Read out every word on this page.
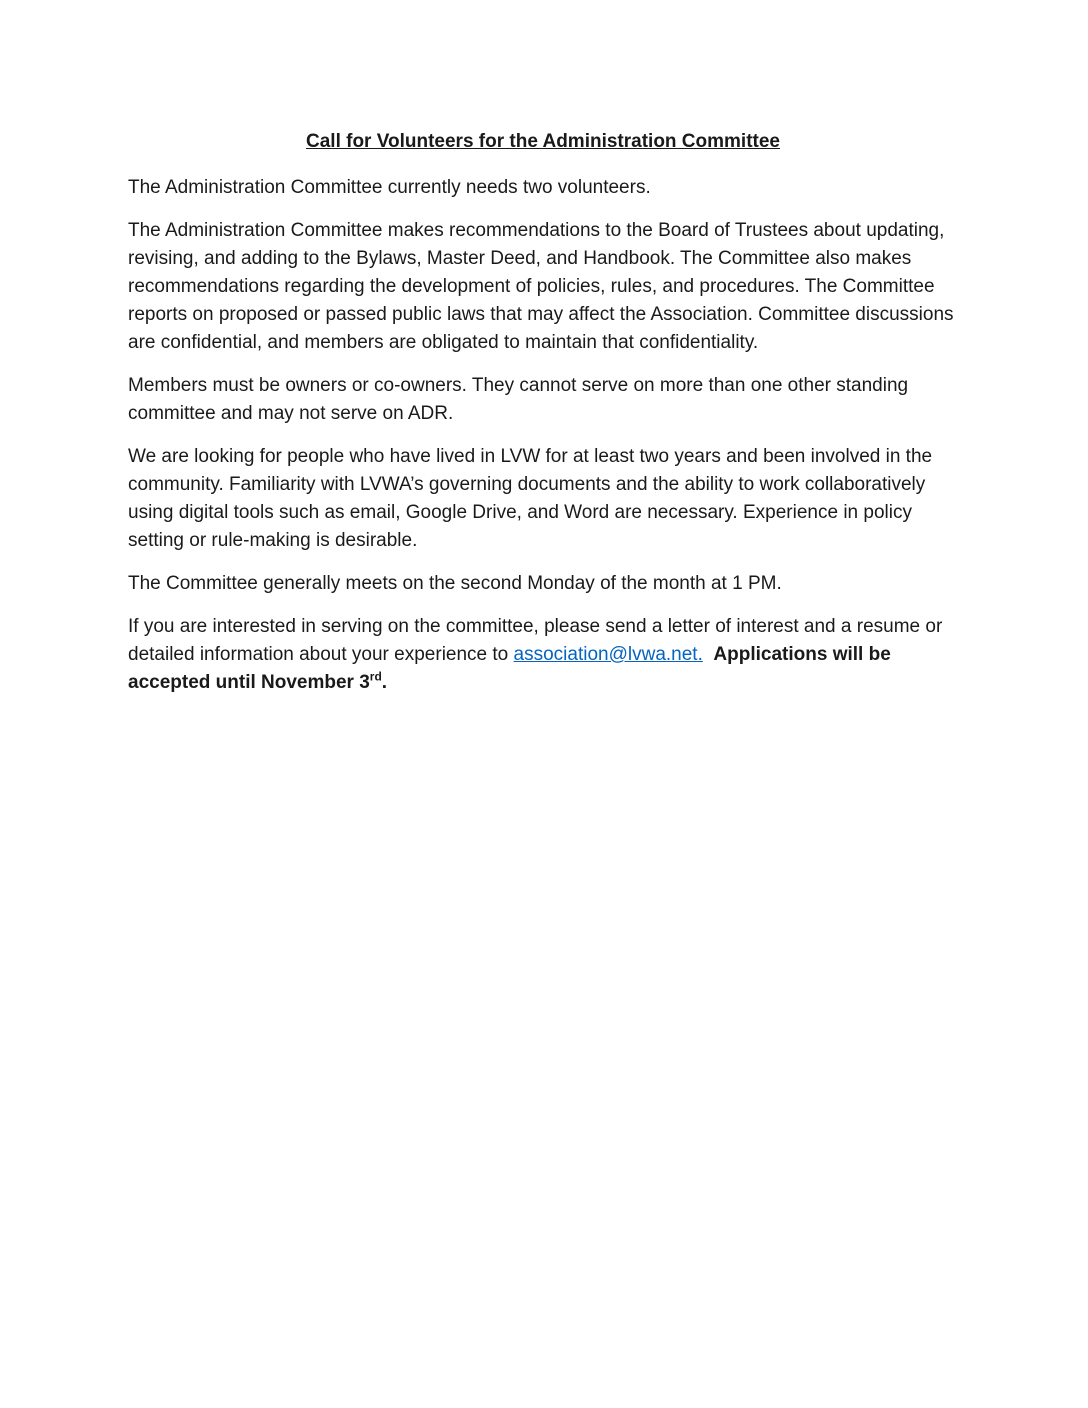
Call for Volunteers for the Administration Committee

The Administration Committee currently needs two volunteers.

The Administration Committee makes recommendations to the Board of Trustees about updating, revising, and adding to the Bylaws, Master Deed, and Handbook. The Committee also makes recommendations regarding the development of policies, rules, and procedures. The Committee reports on proposed or passed public laws that may affect the Association. Committee discussions are confidential, and members are obligated to maintain that confidentiality.

Members must be owners or co-owners. They cannot serve on more than one other standing committee and may not serve on ADR.

We are looking for people who have lived in LVW for at least two years and been involved in the community. Familiarity with LVWA’s governing documents and the ability to work collaboratively using digital tools such as email, Google Drive, and Word are necessary. Experience in policy setting or rule-making is desirable.

The Committee generally meets on the second Monday of the month at 1 PM.

If you are interested in serving on the committee, please send a letter of interest and a resume or detailed information about your experience to association@lvwa.net. Applications will be accepted until November 3rd.
